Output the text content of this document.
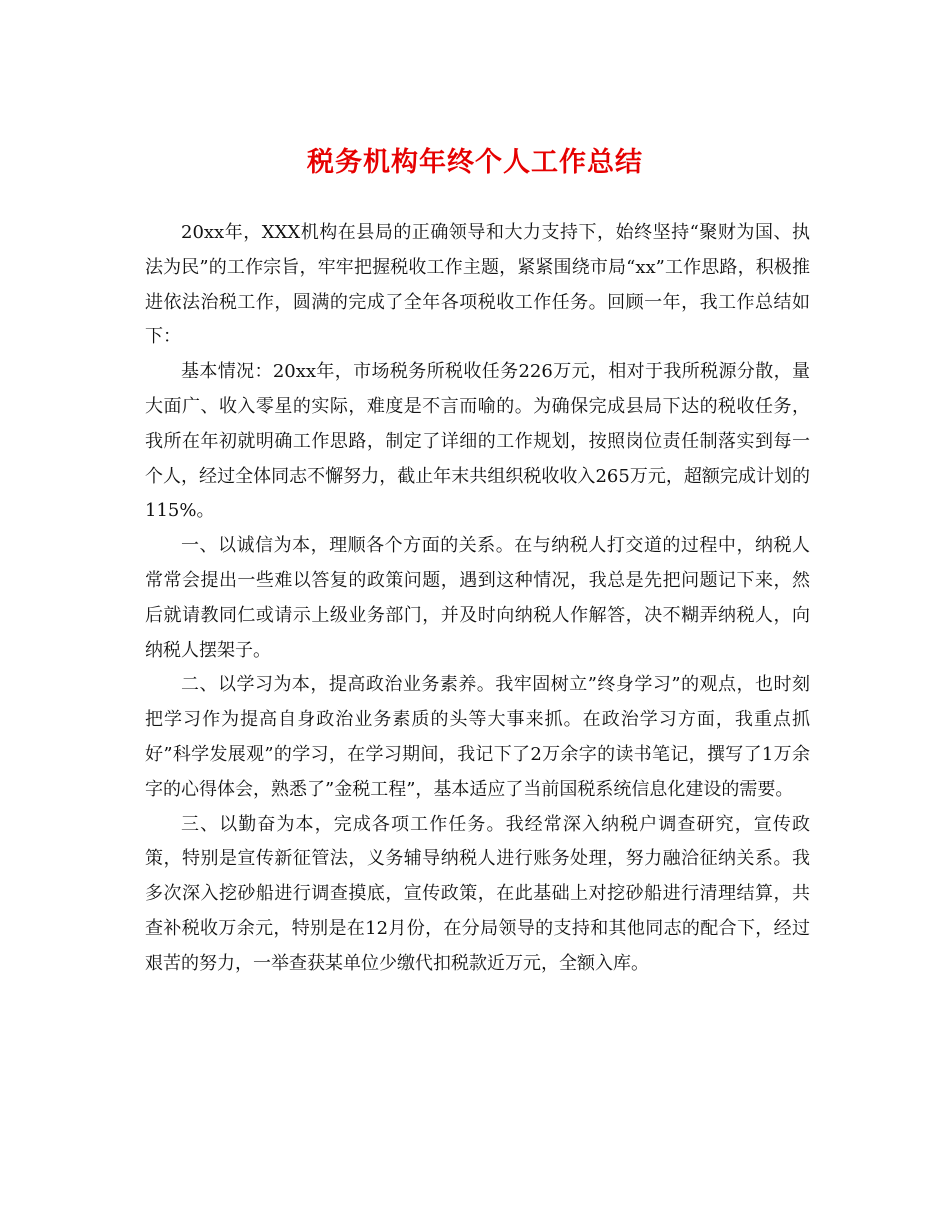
税务机构年终个人工作总结

20xx年，XXX机构在县局的正确领导和大力支持下，始终坚持“聚财为国、执法为民”的工作宗旨，牢牢把握税收工作主题，紧紧围绕市局“xx”工作思路，积极推进依法治税工作，圆满的完成了全年各项税收工作任务。回顾一年，我工作总结如下：

基本情况：20xx年，市场税务所税收任务226万元，相对于我所税源分散，量大面广、收入零星的实际，难度是不言而喻的。为确保完成县局下达的税收任务，我所在年初就明确工作思路，制定了详细的工作规划，按照岗位责任制落实到每一个人，经过全体同志不懈努力，截止年末共组织税收收入265万元，超额完成计划的115%。

一、以诚信为本，理顺各个方面的关系。在与纳税人打交道的过程中，纳税人常常会提出一些难以答复的政策问题，遇到这种情况，我总是先把问题记下来，然后就请教同仁或请示上级业务部门，并及时向纳税人作解答，决不糊弄纳税人，向纳税人摆架子。

二、以学习为本，提高政治业务素养。我牢固树立”终身学习”的观点，也时刻把学习作为提高自身政治业务素质的头等大事来抓。在政治学习方面，我重点抓好”科学发展观”的学习，在学习期间，我记下了2万余字的读书笔记，撰写了1万余字的心得体会，熟悉了”金税工程”，基本适应了当前国税系统信息化建设的需要。

三、以勤奋为本，完成各项工作任务。我经常深入纳税户调查研究，宣传政策，特别是宣传新征管法，义务辅导纳税人进行账务处理，努力融洽征纳关系。我多次深入挖砂船进行调查摸底，宣传政策，在此基础上对挖砂船进行清理结算，共查补税收万余元，特别是在12月份，在分局领导的支持和其他同志的配合下，经过艰苦的努力，一举查获某单位少缴代扣税款近万元，全额入库。
